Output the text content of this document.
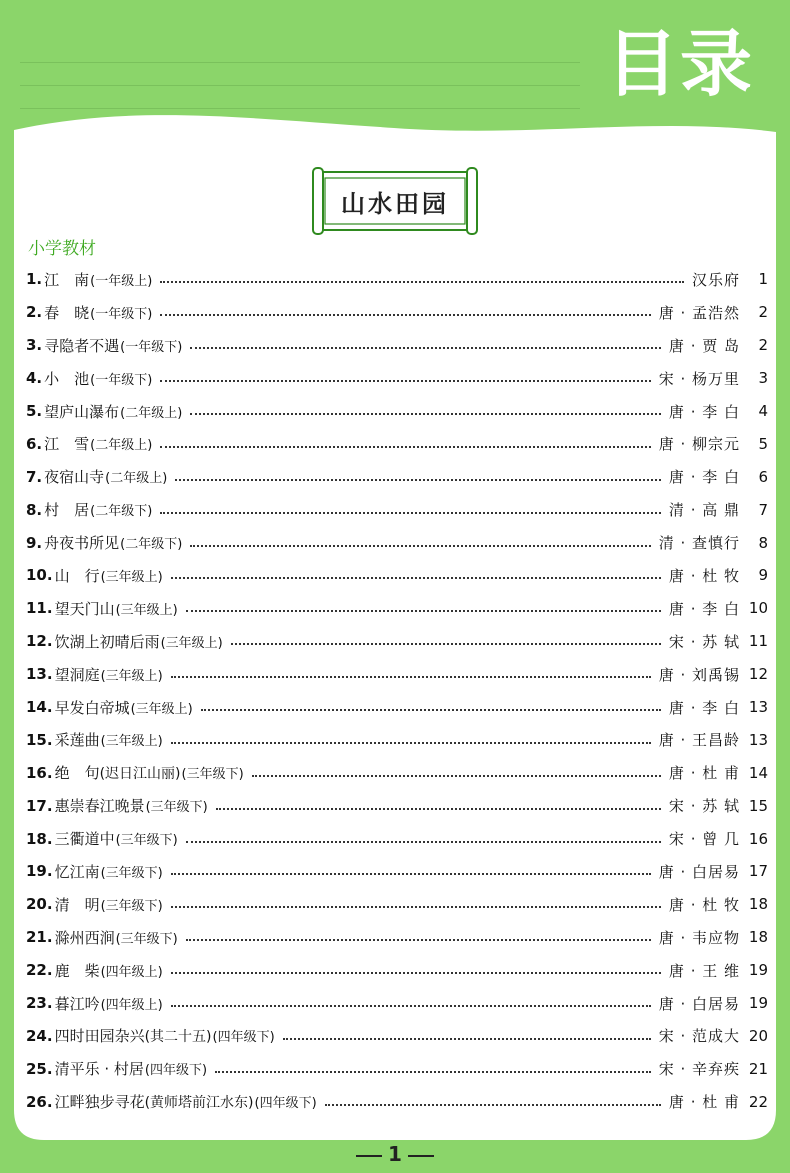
目录
山水田园
小学教材
1. 江　南 (一年级上)	汉乐府	1
2. 春　晓 (一年级下)	唐 · 孟浩然	2
3. 寻隐者不遇 (一年级下)	唐 · 贾 岛	2
4. 小　池 (一年级下)	宋 · 杨万里	3
5. 望庐山瀑布 (二年级上)	唐 · 李 白	4
6. 江　雪 (二年级上)	唐 · 柳宗元	5
7. 夜宿山寺 (二年级上)	唐 · 李 白	6
8. 村　居 (二年级下)	清 · 高 鼎	7
9. 舟夜书所见 (二年级下)	清 · 查慎行	8
10. 山　行 (三年级上)	唐 · 杜 牧	9
11. 望天门山 (三年级上)	唐 · 李 白 10
12. 饮湖上初晴后雨 (三年级上)	宋 · 苏 轼 11
13. 望洞庭 (三年级上)	唐 · 刘禹锡 12
14. 早发白帝城 (三年级上)	唐 · 李 白 13
15. 采莲曲 (三年级上)	唐 · 王昌龄 13
16. 绝　句 (迟日江山丽) (三年级下)	唐 · 杜 甫 14
17. 惠崇春江晚景 (三年级下)	宋 · 苏 轼 15
18. 三衢道中 (三年级下)	宋 · 曾 几 16
19. 忆江南 (三年级下)	唐 · 白居易 17
20. 清　明 (三年级下)	唐 · 杜 牧 18
21. 滁州西涧 (三年级下)	唐 · 韦应物 18
22. 鹿　柴 (四年级上)	唐 · 王 维 19
23. 暮江吟 (四年级上)	唐 · 白居易 19
24. 四时田园杂兴 (其二十五) (四年级下)	宋 · 范成大 20
25. 清平乐 · 村居 (四年级下)	宋 · 辛弃疾 21
26. 江畔独步寻花 (黄师塔前江水东) (四年级下)	唐 · 杜 甫 22
1
